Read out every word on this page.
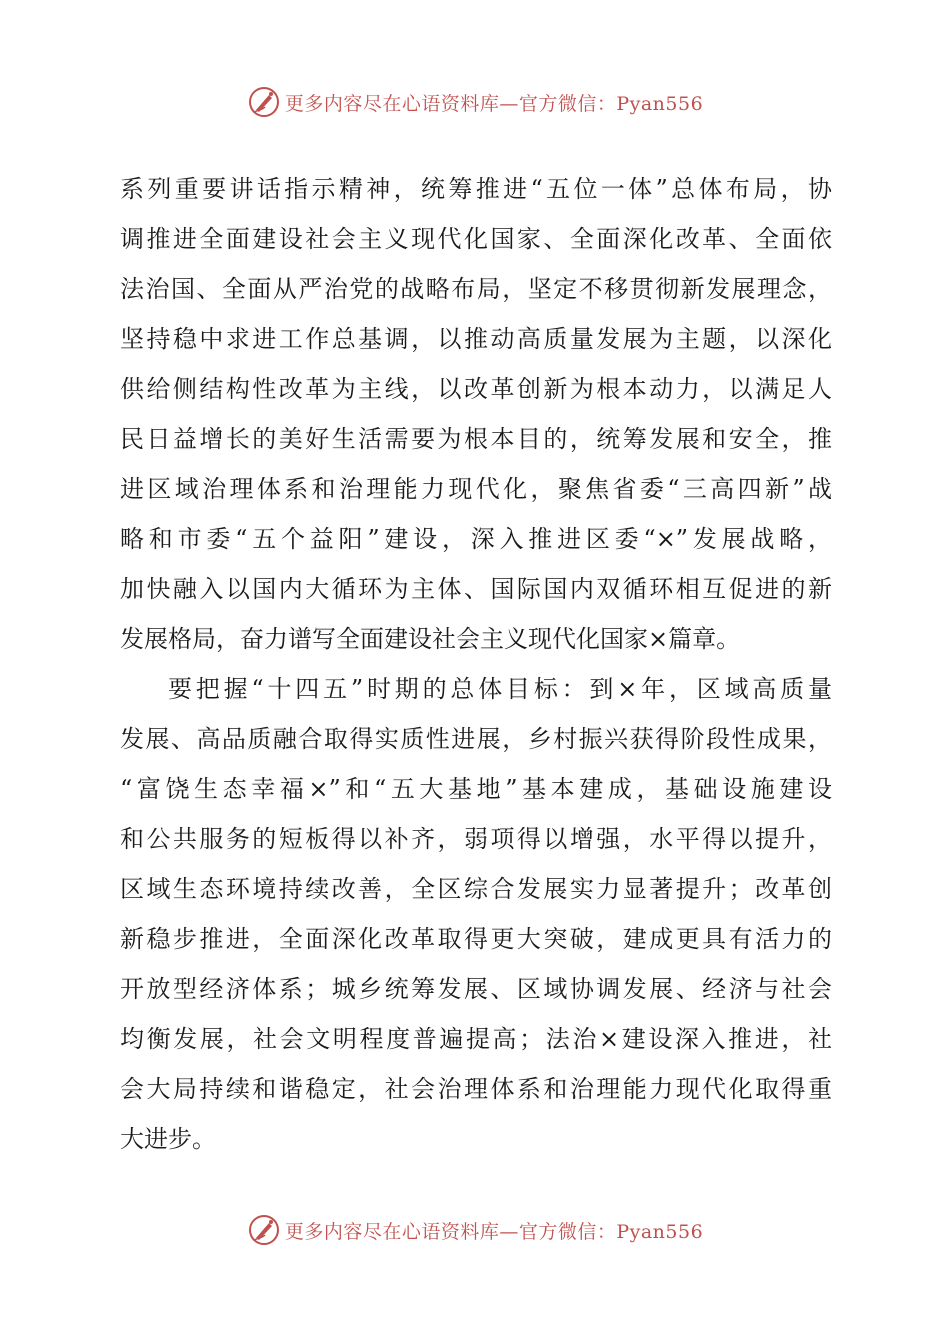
更多内容尽在心语资料库—官方微信：Pyan556
系列重要讲话指示精神，统筹推进“五位一体”总体布局，协
调推进全面建设社会主义现代化国家、全面深化改革、全面依
法治国、全面从严治党的战略布局，坚定不移贯彻新发展理念，
坚持稳中求进工作总基调，以推动高质量发展为主题，以深化
供给侧结构性改革为主线，以改革创新为根本动力，以满足人
民日益增长的美好生活需要为根本目的，统筹发展和安全，推
进区域治理体系和治理能力现代化，聚焦省委“三高四新”战
略和市委“五个益阳”建设，深入推进区委“×”发展战略，
加快融入以国内大循环为主体、国际国内双循环相互促进的新
发展格局，奋力谱写全面建设社会主义现代化国家×篇章。
要把握“十四五”时期的总体目标：到×年，区域高质量
发展、高品质融合取得实质性进展，乡村振兴获得阶段性成果，
“富饶生态幸福×”和“五大基地”基本建成，基础设施建设
和公共服务的短板得以补齐，弱项得以增强，水平得以提升，
区域生态环境持续改善，全区综合发展实力显著提升；改革创
新稳步推进，全面深化改革取得更大突破，建成更具有活力的
开放型经济体系；城乡统筹发展、区域协调发展、经济与社会
均衡发展，社会文明程度普遍提高；法治×建设深入推进，社
会大局持续和谐稳定，社会治理体系和治理能力现代化取得重
大进步。
更多内容尽在心语资料库—官方微信：Pyan556
